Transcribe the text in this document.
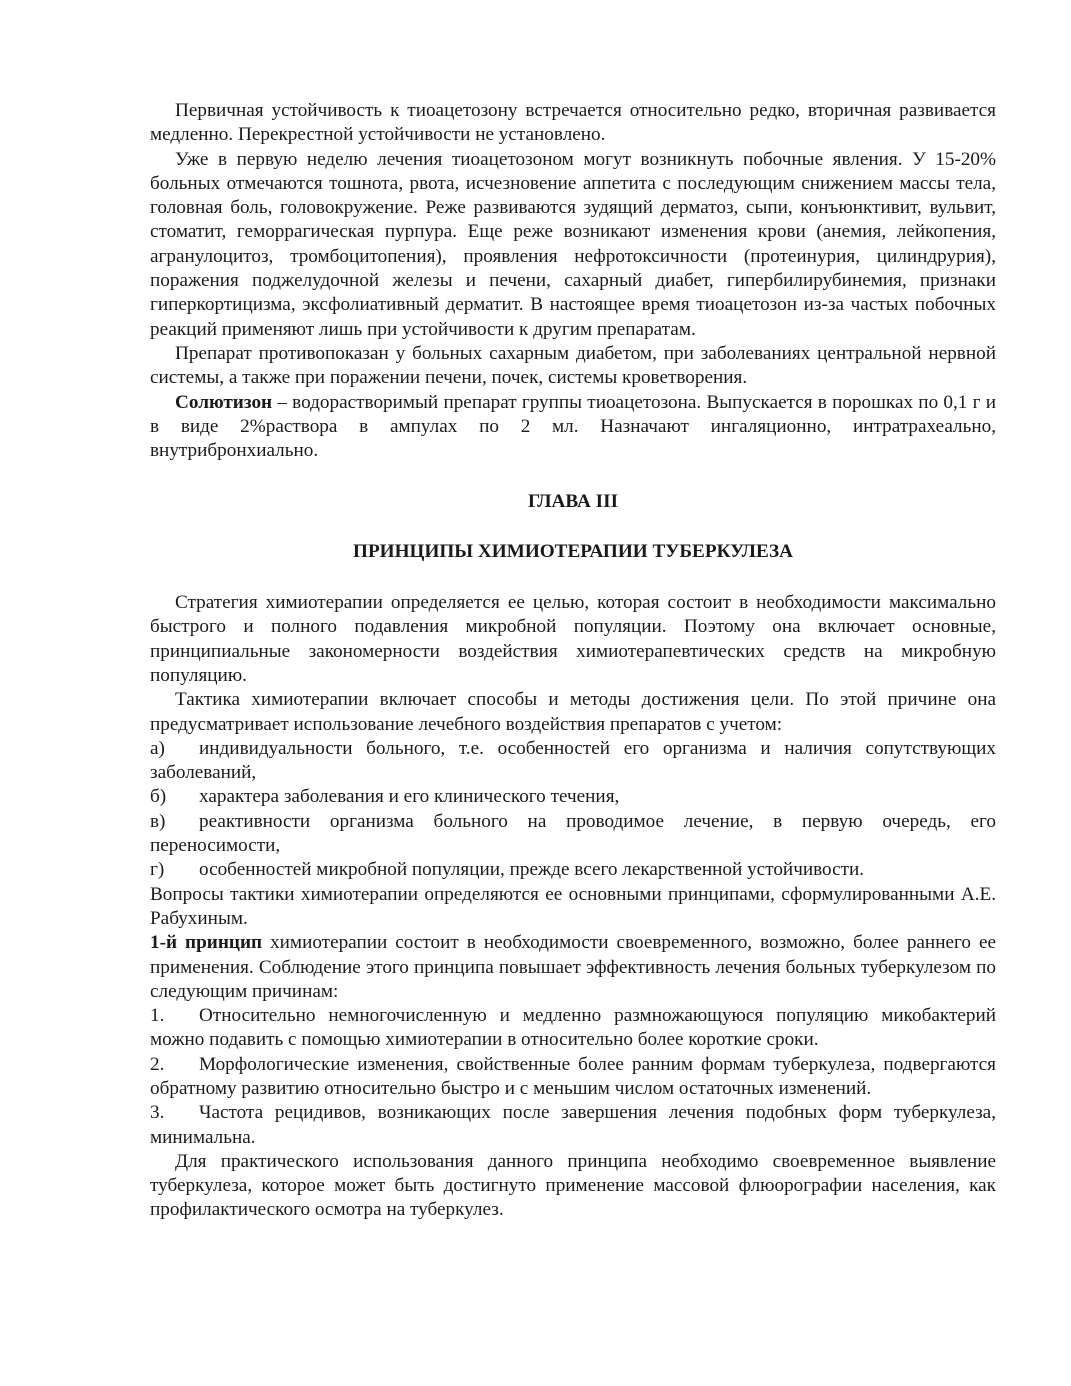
Первичная устойчивость к тиоацетозону встречается относительно редко, вторичная развивается медленно. Перекрестной устойчивости не установлено.

Уже в первую неделю лечения тиоацетозоном могут возникнуть побочные явления. У 15-20% больных отмечаются тошнота, рвота, исчезновение аппетита с последующим снижением массы тела, головная боль, головокружение. Реже развиваются зудящий дерматоз, сыпи, конъюнктивит, вульвит, стоматит, геморрагическая пурпура. Еще реже возникают изменения крови (анемия, лейкопения, агранулоцитоз, тромбоцитопения), проявления нефротоксичности (протеинурия, цилиндрурия), поражения поджелудочной железы и печени, сахарный диабет, гипербилирубинемия, признаки гиперкортицизма, эксфолиативный дерматит. В настоящее время тиоацетозон из-за частых побочных реакций применяют лишь при устойчивости к другим препаратам.

Препарат противопоказан у больных сахарным диабетом, при заболеваниях центральной нервной системы, а также при поражении печени, почек, системы кроветворения.

Солютизон – водорастворимый препарат группы тиоацетозона. Выпускается в порошках по 0,1 г и в виде 2%раствора в ампулах по 2 мл. Назначают ингаляционно, интратрахеально, внутрибронхиально.

ГЛАВА III

ПРИНЦИПЫ ХИМИОТЕРАПИИ ТУБЕРКУЛЕЗА

Стратегия химиотерапии определяется ее целью, которая состоит в необходимости максимально быстрого и полного подавления микробной популяции. Поэтому она включает основные, принципиальные закономерности воздействия химиотерапевтических средств на микробную популяцию.

Тактика химиотерапии включает способы и методы достижения цели. По этой причине она предусматривает использование лечебного воздействия препаратов с учетом:

а) индивидуальности больного, т.е. особенностей его организма и наличия сопутствующих заболеваний,

б) характера заболевания и его клинического течения,

в) реактивности организма больного на проводимое лечение, в первую очередь, его переносимости,

г) особенностей микробной популяции, прежде всего лекарственной устойчивости.

Вопросы тактики химиотерапии определяются ее основными принципами, сформулированными А.Е. Рабухиным.

1-й принцип химиотерапии состоит в необходимости своевременного, возможно, более раннего ее применения. Соблюдение этого принципа повышает эффективность лечения больных туберкулезом по следующим причинам:

1. Относительно немногочисленную и медленно размножающуюся популяцию микобактерий можно подавить с помощью химиотерапии в относительно более короткие сроки.

2. Морфологические изменения, свойственные более ранним формам туберкулеза, подвергаются обратному развитию относительно быстро и с меньшим числом остаточных изменений.

3. Частота рецидивов, возникающих после завершения лечения подобных форм туберкулеза, минимальна.

Для практического использования данного принципа необходимо своевременное выявление туберкулеза, которое может быть достигнуто применение массовой флюорографии населения, как профилактического осмотра на туберкулез.
